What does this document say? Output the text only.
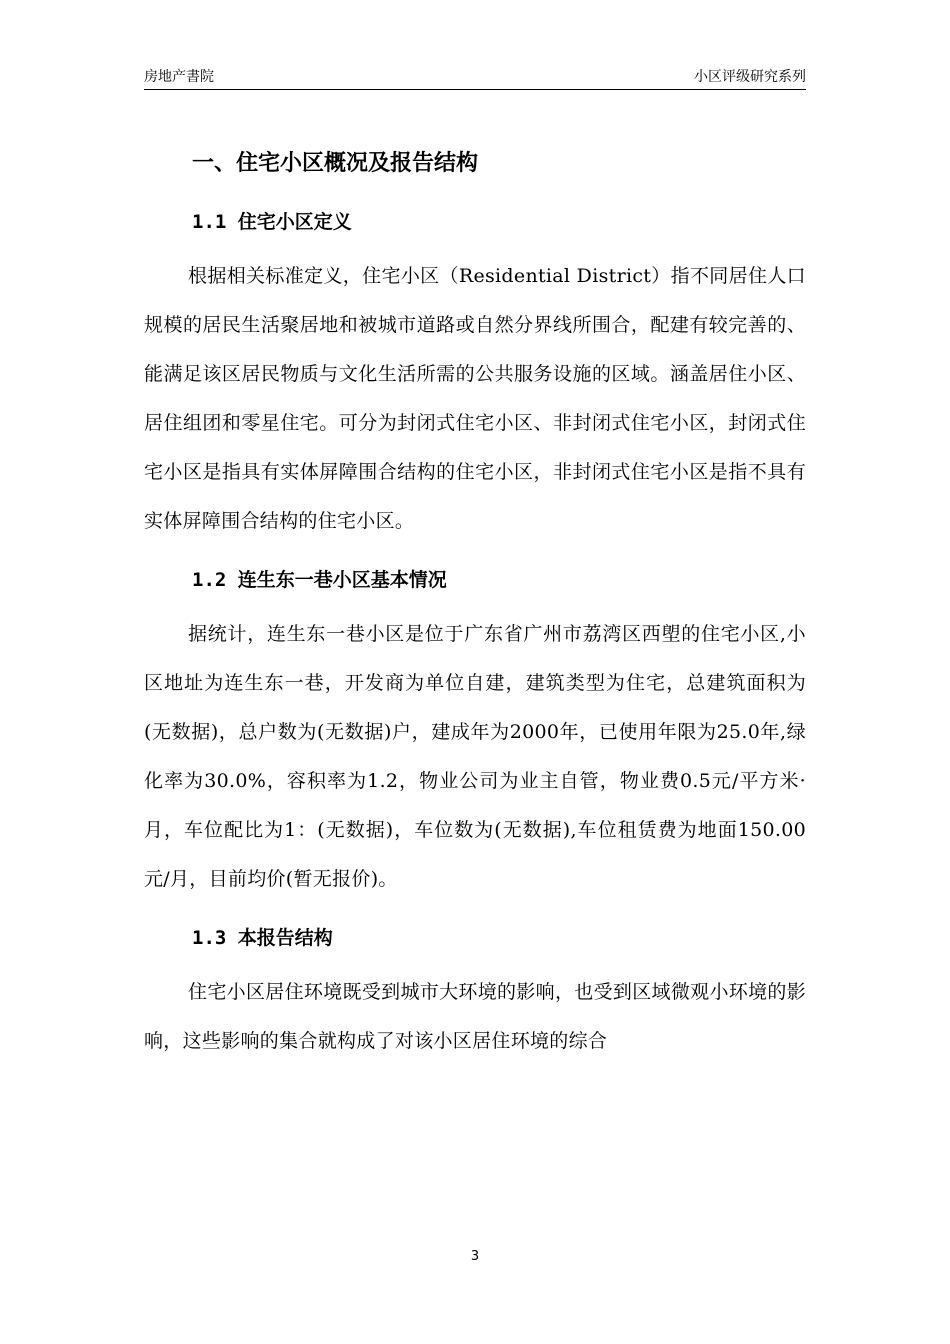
房地产書院	小区评级研究系列
一、住宅小区概况及报告结构
1.1 住宅小区定义

根据相关标准定义，住宅小区（Residential District）指不同居住人口规模的居民生活聚居地和被城市道路或自然分界线所围合，配建有较完善的、能满足该区居民物质与文化生活所需的公共服务设施的区域。涵盖居住小区、居住组团和零星住宅。可分为封闭式住宅小区、非封闭式住宅小区，封闭式住宅小区是指具有实体屏障围合结构的住宅小区，非封闭式住宅小区是指不具有实体屏障围合结构的住宅小区。

1.2 连生东一巷小区基本情况

据统计，连生东一巷小区是位于广东省广州市荔湾区西塱的住宅小区,小区地址为连生东一巷，开发商为单位自建，建筑类型为住宅，总建筑面积为(无数据)，总户数为(无数据)户，建成年为2000年，已使用年限为25.0年,绿化率为30.0%，容积率为1.2，物业公司为业主自管，物业费0.5元/平方米·月，车位配比为1：(无数据)，车位数为(无数据),车位租赁费为地面150.00元/月，目前均价(暂无报价)。

1.3 本报告结构

住宅小区居住环境既受到城市大环境的影响，也受到区域微观小环境的影响，这些影响的集合就构成了对该小区居住环境的综合

3
